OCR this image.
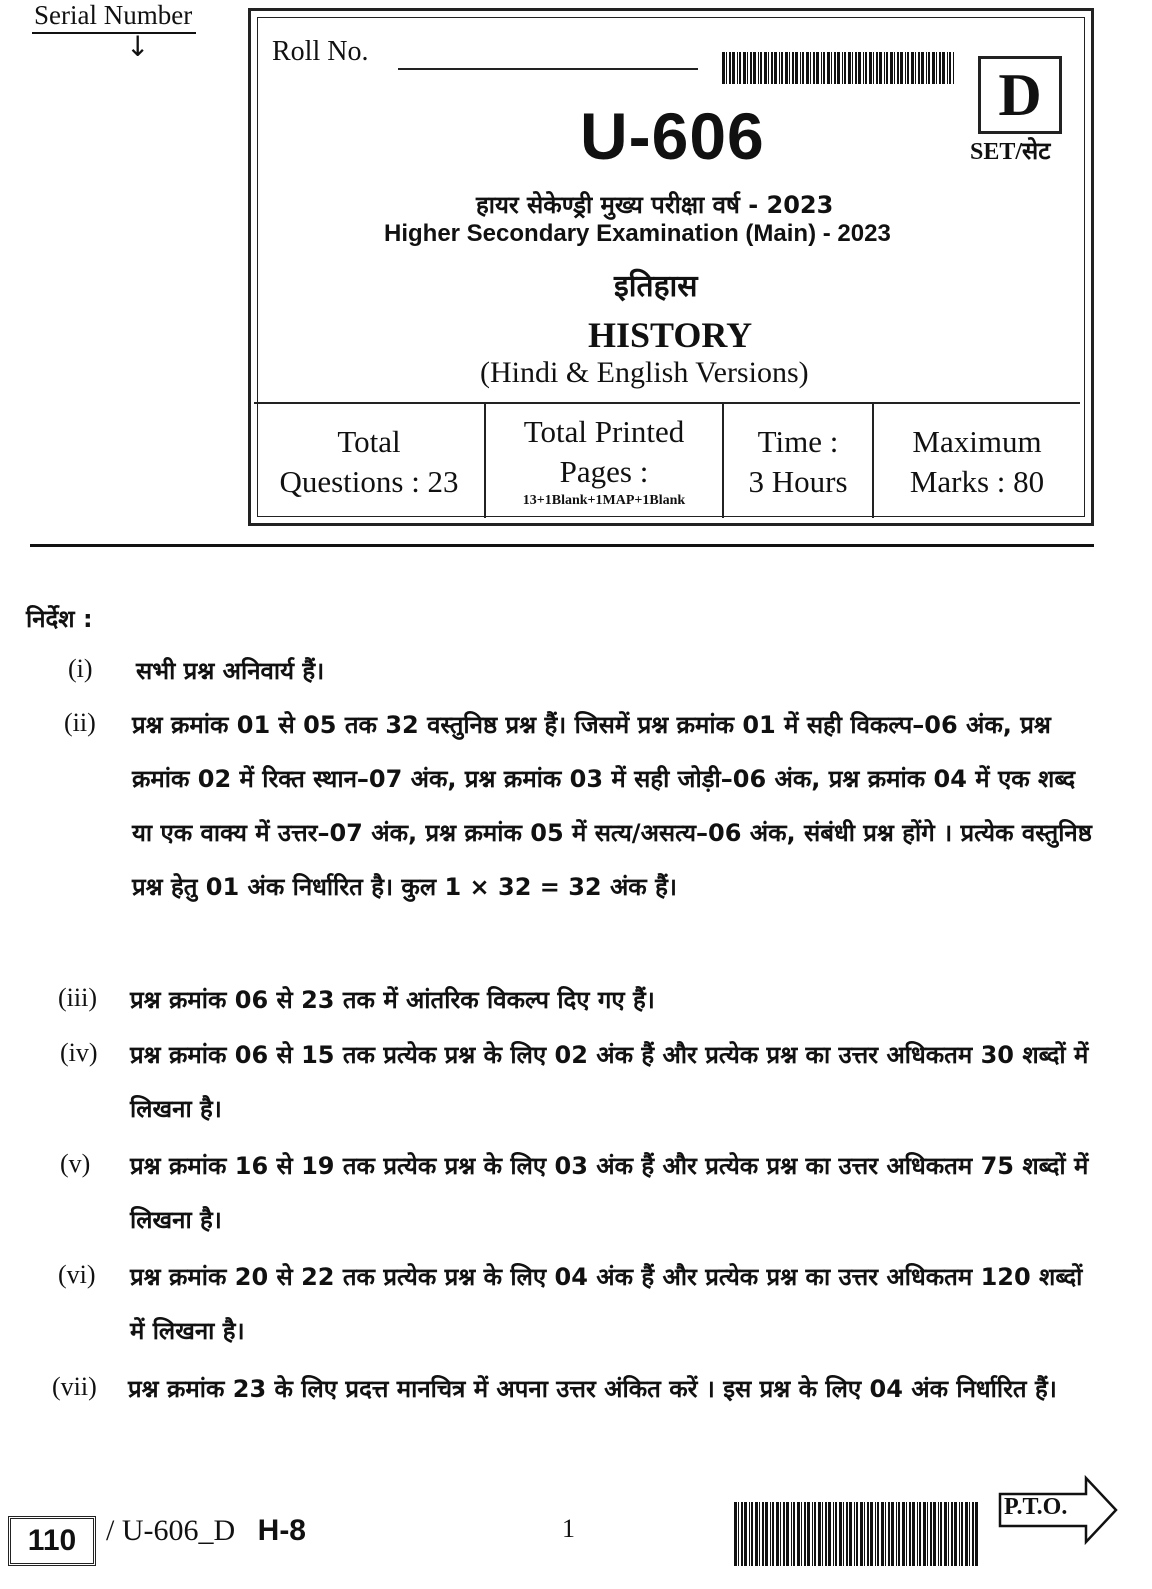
Serial Number
↓	Roll No.
D
SET/सेट
U-606
हायर सेकेण्ड्री मुख्य परीक्षा वर्ष - 2023
Higher Secondary Examination (Main) - 2023
इतिहास
HISTORY
(Hindi & English Versions)
Total
Questions : 23
Total Printed
Pages :
13+1Blank+1MAP+1Blank
Time :
3 Hours
Maximum
Marks : 80
निर्देश :
(i) सभी प्रश्न अनिवार्य हैं।
(ii) प्रश्न क्रमांक 01 से 05 तक 32 वस्तुनिष्ठ प्रश्न हैं। जिसमें प्रश्न क्रमांक 01 में सही विकल्प–06 अंक, प्रश्न क्रमांक 02 में रिक्त स्थान–07 अंक, प्रश्न क्रमांक 03 में सही जोड़ी–06 अंक, प्रश्न क्रमांक 04 में एक शब्द या एक वाक्य में उत्तर–07 अंक, प्रश्न क्रमांक 05 में सत्य/असत्य–06 अंक, संबंधी प्रश्न होंगे । प्रत्येक वस्तुनिष्ठ प्रश्न हेतु 01 अंक निर्धारित है। कुल 1 × 32 = 32 अंक हैं।
(iii) प्रश्न क्रमांक 06 से 23 तक में आंतरिक विकल्प दिए गए हैं।
(iv) प्रश्न क्रमांक 06 से 15 तक प्रत्येक प्रश्न के लिए 02 अंक हैं और प्रत्येक प्रश्न का उत्तर अधिकतम 30 शब्दों में लिखना है।
(v) प्रश्न क्रमांक 16 से 19 तक प्रत्येक प्रश्न के लिए 03 अंक हैं और प्रत्येक प्रश्न का उत्तर अधिकतम 75 शब्दों में लिखना है।
(vi) प्रश्न क्रमांक 20 से 22 तक प्रत्येक प्रश्न के लिए 04 अंक हैं और प्रत्येक प्रश्न का उत्तर अधिकतम 120 शब्दों में लिखना है।
(vii) प्रश्न क्रमांक 23 के लिए प्रदत्त मानचित्र में अपना उत्तर अंकित करें । इस प्रश्न के लिए 04 अंक निर्धारित हैं।
110 / U-606_D H-8	1
P.T.O.
